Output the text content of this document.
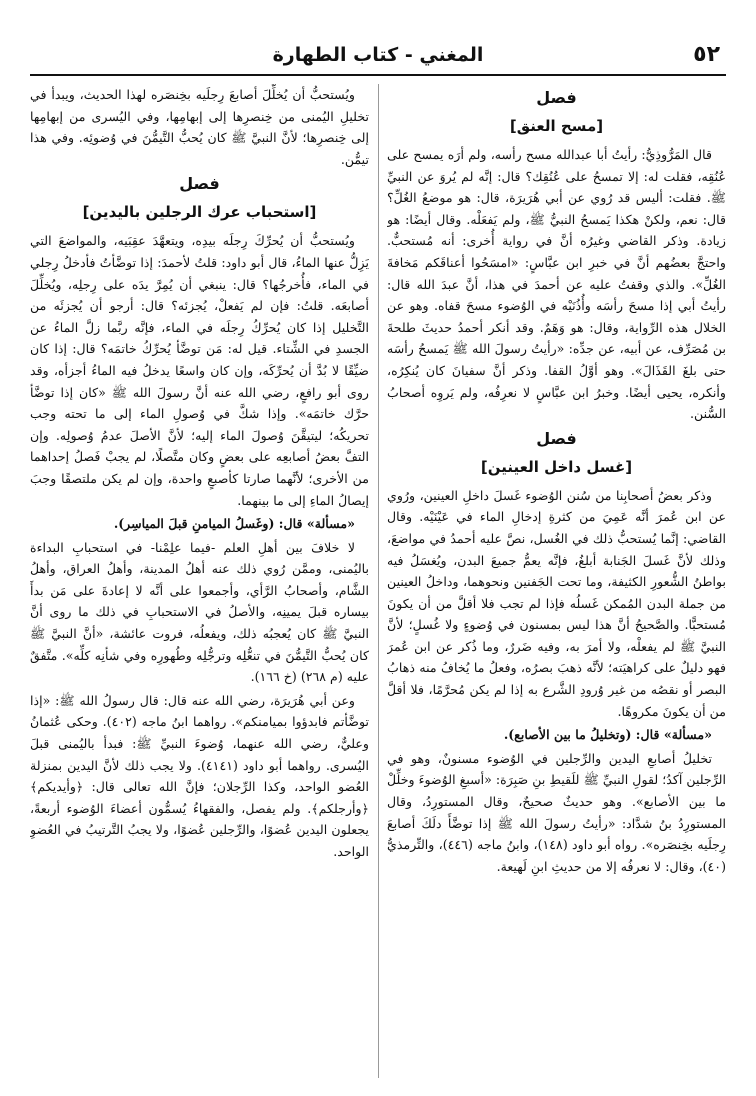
٥٢
المغني - كتاب الطهارة
فصل
[مسح العنق]

قال المَرُّوذِيُّ: رأيتُ أبا عبدالله مسح رأسه، ولم أرَه يمسح على عُنُقِه، فقلت له: إلا تمسحُ على عُنُقِك؟ قال: إنَّه لم يُروَ عن النبيِّ ﷺ. فقلت: أليس قد رُوي عن أبي هُرَيرَة، قال: هو موضعُ الغُلِّ؟ قال: نعم، ولكنْ هكذا يَمسحُ النبيُّ ﷺ، ولم يَفعَلْه. وقال أيضًا: هو زيادة. وذكر القاضي وغيرُه أنَّ في رواية أُخرى: أنه مُستحبٌّ. واحتجَّ بعضُهم أنَّ في خبرِ ابن عبَّاسٍ: «امسَحُوا أعناقَكم مَخافةَ الغُلِّ». والذي وقفتُ عليه عن أحمدَ في هذا، أنَّ عبدَ الله قال: رأيتُ أبي إذا مسحَ رأسَه وأُذُنَيْه في الوُضوء مسحَ قفاه. وهو عن الخلال هذه الرِّواية، وقال: هو وَهَمٌ. وقد أنكر أحمدُ حديثَ طلحةَ بن مُصَرِّف، عن أبيه، عن جدِّه: «رأيتُ رسولَ الله ﷺ يَمسحُ رأسَه حتى بلغَ القَذَالَ». وهو أوَّلُ القفا. وذكر أنَّ سفيانَ كان يُنكِرُه، وأنكره، يحيى أيضًا. وخبرُ ابن عبَّاسٍ لا نعرِفُه، ولم يَروِه أصحابُ السُّنن.

فصل
[غسل داخل العينين]

وذكر بعضُ أصحابِنا من سُنن الوُضوء غَسلَ داخلِ العينين، ورُوي عن ابن عُمرَ أنَّه عَمِيَ من كثرةِ إدخالِ الماء في عَيْنَيْه. وقال القاضي: إنَّما يُستحبُّ ذلك في الغُسل، نصَّ عليه أحمدُ في مواضعَ، وذلك لأنَّ غَسلَ الجَنابة أبلغُ، فإنَّه يعمُّ جميعَ البدن، ويُغسَلُ فيه بواطنُ الشُّعورِ الكثيفة، وما تحت الجَفنين ونحوهما، وداخلُ العينين من جملة البدن المُمكن غَسلُه فإذا لم تجب فلا أقلَّ من أن يكونَ مُستحبًّا. والصَّحيحُ أنَّ هذا ليس بمسنون في وُضوءٍ ولا غُسلٍ؛ لأنَّ النبيَّ ﷺ لم يفعلْه، ولا أمرَ به، وفيه ضَررٌ، وما ذُكر عن ابن عُمرَ فهو دليلٌ على كراهيَته؛ لأنَّه ذهبَ بصرُه، وفعلُ ما يُخافُ منه ذهابُ البصر أو نقصُه من غير وُرودِ الشَّرع به إذا لم يكن مُحرَّمًا، فلا أقلَّ من أن يكونَ مكروهًا.

«مسألة» قال: (وتخليلُ ما بين الأصابع).

تخليلُ أصابعِ اليدين والرِّجلين في الوُضوء مسنونٌ، وهو في الرِّجلين آكدُ؛ لقولِ النبيِّ ﷺ للَقيطِ بنِ صَبِرَة: «أسبغِ الوُضوءَ وخلِّلْ ما بين الأصابع». وهو حديثٌ صحيحٌ، وقال المستورِدُ، وقال المستورِدُ بنُ شدَّاد: «رأيتُ رسولَ الله ﷺ إذا توضَّأَ دلَكَ أصابعَ رِجلَيه بخِنصَره». رواه أبو داود (١٤٨)، وابنُ ماجه (٤٤٦)، والتِّرمذيُّ (٤٠)، وقال: لا نعرفُه إلا من حديثِ ابنِ لَهيعة.

ويُستحبُّ أن يُخلِّلَ أصابعَ رِجلَيه بخِنصَره لهذا الحديث، ويبدأ في تخليلِ اليُمنى من خِنصرِها إلى إبهامِها، وفي اليُسرى من إبهامِها إلى خِنصرِها؛ لأنَّ النبيَّ ﷺ كان يُحبُّ التَّيمُّنَ في وُضوئِه. وفي هذا تيمُّن.

فصل
[استحباب عرك الرجلين باليدين]

ويُستحبُّ أن يُحرِّكَ رِجلَه بيدِه، ويتعهَّدَ عقِبَيه، والمواضعَ التي يَزِلُّ عنها الماءُ، قال أبو داود: قلتُ لأحمدَ: إذا توضَّأتُ فأدخلُ رِجلي في الماء، فأُخرجُها؟ قال: ينبغي أن يُمِرَّ يدَه على رِجلِه، ويُخلِّلَ أصابعَه. قلتُ: فإن لم يَفعلْ، يُجزئه؟ قال: أرجو أن يُجزئَه من التَّخليل إذا كان يُحرِّكُ رِجلَه في الماء، فإنَّه ربَّما زلَّ الماءُ عن الجسدِ في الشِّتاء. قيل له: مَن توضَّأ يُحرِّكُ خاتمَه؟ قال: إذا كان ضيِّقًا لا بُدَّ أن يُحرِّكَه، وإن كان واسعًا يدخلُ فيه الماءُ أجزأه، وقد روى أبو رافعٍ، رضي الله عنه أنَّ رسولَ الله ﷺ «كان إذا توضَّأ حرَّك خاتمَه». وإذا شكَّ في وُصولِ الماء إلى ما تحته وجب تحريكُه؛ ليتيقَّنَ وُصولَ الماء إليه؛ لأنَّ الأصلَ عدمُ وُصولِه. وإن التفَّ بعضُ أصابعِه على بعضٍ وكان متَّصلًا، لم يجبْ فَصلُ إحداهما من الأخرى؛ لأنَّهما صارتا كأصبعٍ واحدة، وإن لم يكن ملتصقًا وجبَ إيصالُ الماءِ إلى ما بينهما.

«مسألة» قال: (وغَسلُ الميامنِ قبلَ المياسِر).

لا خلافَ بين أهلِ العلم -فيما علِمْنا- في استحبابِ البداءة باليُمنى، وممَّن رُوي ذلك عنه أهلُ المدينة، وأهلُ العراق، وأهلُ الشَّام، وأصحابُ الرَّأي، وأجمعوا على أنَّه لا إعادةَ على مَن بدأَ بيساره قبلَ يمينِه، والأصلُ في الاستحبابِ في ذلك ما روى أنَّ النبيَّ ﷺ كان يُعجبُه ذلك، ويفعلُه، فروت عائشة، «أنَّ النبيَّ ﷺ كان يُحبُّ التَّيمُّنَ في تنعُّلِه وترجُّلِه وطُهورِه وفي شأنِه كلِّه». متَّفقٌ عليه (م ٢٦٨) (خ ١٦٦).

وعن أبي هُرَيرَة، رضي الله عنه قال: قال رسولُ الله ﷺ: «إذا توضَّأتم فابدؤوا بميامنكم». رواهما ابنُ ماجه (٤٠٢). وحكى عُثمانُ وعليٌّ، رضي الله عنهما، وُضوءَ النبيِّ ﷺ: فبدأ باليُمنى قبلَ اليُسرى. رواهما أبو داود (٤١٤١). ولا يجب ذلك لأنَّ اليدين بمنزلة العُضو الواحد، وكذا الرِّجلان؛ فإنَّ الله تعالى قال: ﴿وأيديكم﴾ ﴿وأرجلكم﴾. ولم يفصل، والفقهاءُ يُسمُّون أعضاءَ الوُضوء أربعةً، يجعلون اليدين عُضوًا، والرِّجلين عُضوًا، ولا يجبُ التَّرتيبُ في العُضوِ الواحد.
